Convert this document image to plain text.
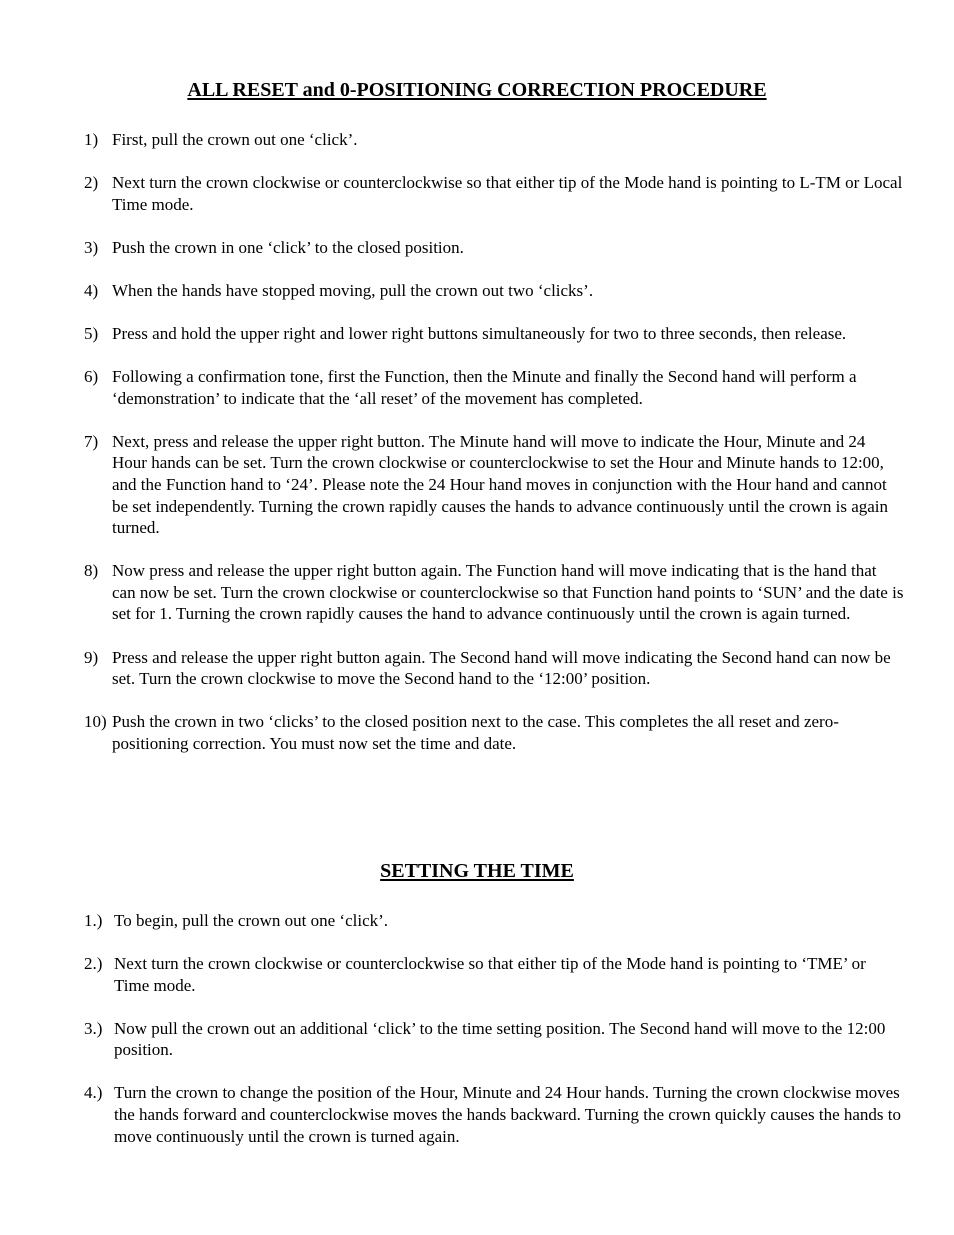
ALL RESET and 0-POSITIONING CORRECTION PROCEDURE
1) First, pull the crown out one ‘click’.
2) Next turn the crown clockwise or counterclockwise so that either tip of the Mode hand is pointing to L-TM or Local Time mode.
3) Push the crown in one ‘click’ to the closed position.
4) When the hands have stopped moving, pull the crown out two ‘clicks’.
5) Press and hold the upper right and lower right buttons simultaneously for two to three seconds, then release.
6) Following a confirmation tone, first the Function, then the Minute and finally the Second hand will perform a ‘demonstration’ to indicate that the ‘all reset’ of the movement has completed.
7) Next, press and release the upper right button. The Minute hand will move to indicate the Hour, Minute and 24 Hour hands can be set. Turn the crown clockwise or counterclockwise to set the Hour and Minute hands to 12:00, and the Function hand to ‘24’. Please note the 24 Hour hand moves in conjunction with the Hour hand and cannot be set independently. Turning the crown rapidly causes the hands to advance continuously until the crown is again turned.
8) Now press and release the upper right button again. The Function hand will move indicating that is the hand that can now be set. Turn the crown clockwise or counterclockwise so that Function hand points to ‘SUN’ and the date is set for 1. Turning the crown rapidly causes the hand to advance continuously until the crown is again turned.
9) Press and release the upper right button again. The Second hand will move indicating the Second hand can now be set. Turn the crown clockwise to move the Second hand to the ‘12:00’ position.
10) Push the crown in two ‘clicks’ to the closed position next to the case. This completes the all reset and zero-positioning correction. You must now set the time and date.
SETTING THE TIME
1.) To begin, pull the crown out one ‘click’.
2.) Next turn the crown clockwise or counterclockwise so that either tip of the Mode hand is pointing to ‘TME’ or Time mode.
3.) Now pull the crown out an additional ‘click’ to the time setting position. The Second hand will move to the 12:00 position.
4.) Turn the crown to change the position of the Hour, Minute and 24 Hour hands. Turning the crown clockwise moves the hands forward and counterclockwise moves the hands backward. Turning the crown quickly causes the hands to move continuously until the crown is turned again.
